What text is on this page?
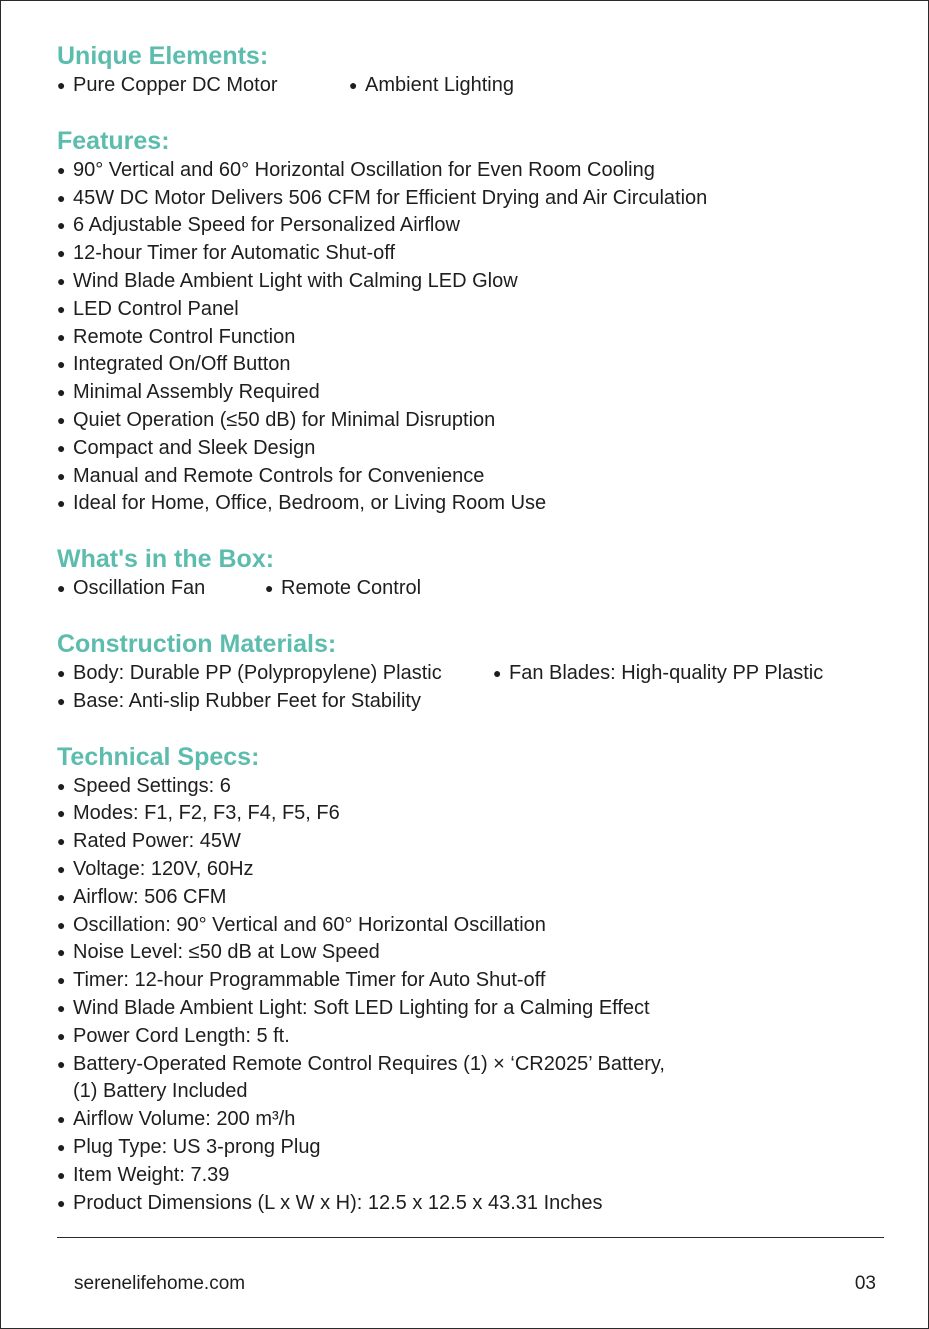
Unique Elements:
● Pure Copper DC Motor	● Ambient Lighting
Features:
● 90° Vertical and 60° Horizontal Oscillation for Even Room Cooling
● 45W DC Motor Delivers 506 CFM for Efficient Drying and Air Circulation
● 6 Adjustable Speed for Personalized Airflow
● 12-hour Timer for Automatic Shut-off
● Wind Blade Ambient Light with Calming LED Glow
● LED Control Panel
● Remote Control Function
● Integrated On/Off Button
● Minimal Assembly Required
● Quiet Operation (≤50 dB) for Minimal Disruption
● Compact and Sleek Design
● Manual and Remote Controls for Convenience
● Ideal for Home, Office, Bedroom, or Living Room Use
What's in the Box:
● Oscillation Fan	● Remote Control
Construction Materials:
● Body: Durable PP (Polypropylene) Plastic	● Fan Blades: High-quality PP Plastic
● Base: Anti-slip Rubber Feet for Stability
Technical Specs:
● Speed Settings: 6
● Modes: F1, F2, F3, F4, F5, F6
● Rated Power: 45W
● Voltage: 120V, 60Hz
● Airflow: 506 CFM
● Oscillation: 90° Vertical and 60° Horizontal Oscillation
● Noise Level: ≤50 dB at Low Speed
● Timer: 12-hour Programmable Timer for Auto Shut-off
● Wind Blade Ambient Light: Soft LED Lighting for a Calming Effect
● Power Cord Length: 5 ft.
● Battery-Operated Remote Control Requires (1) × ‘CR2025’ Battery,
(1) Battery Included
● Airflow Volume: 200 m³/h
● Plug Type: US 3-prong Plug
● Item Weight: 7.39
● Product Dimensions (L x W x H): 12.5 x 12.5 x 43.31 Inches
serenelifehome.com	03
